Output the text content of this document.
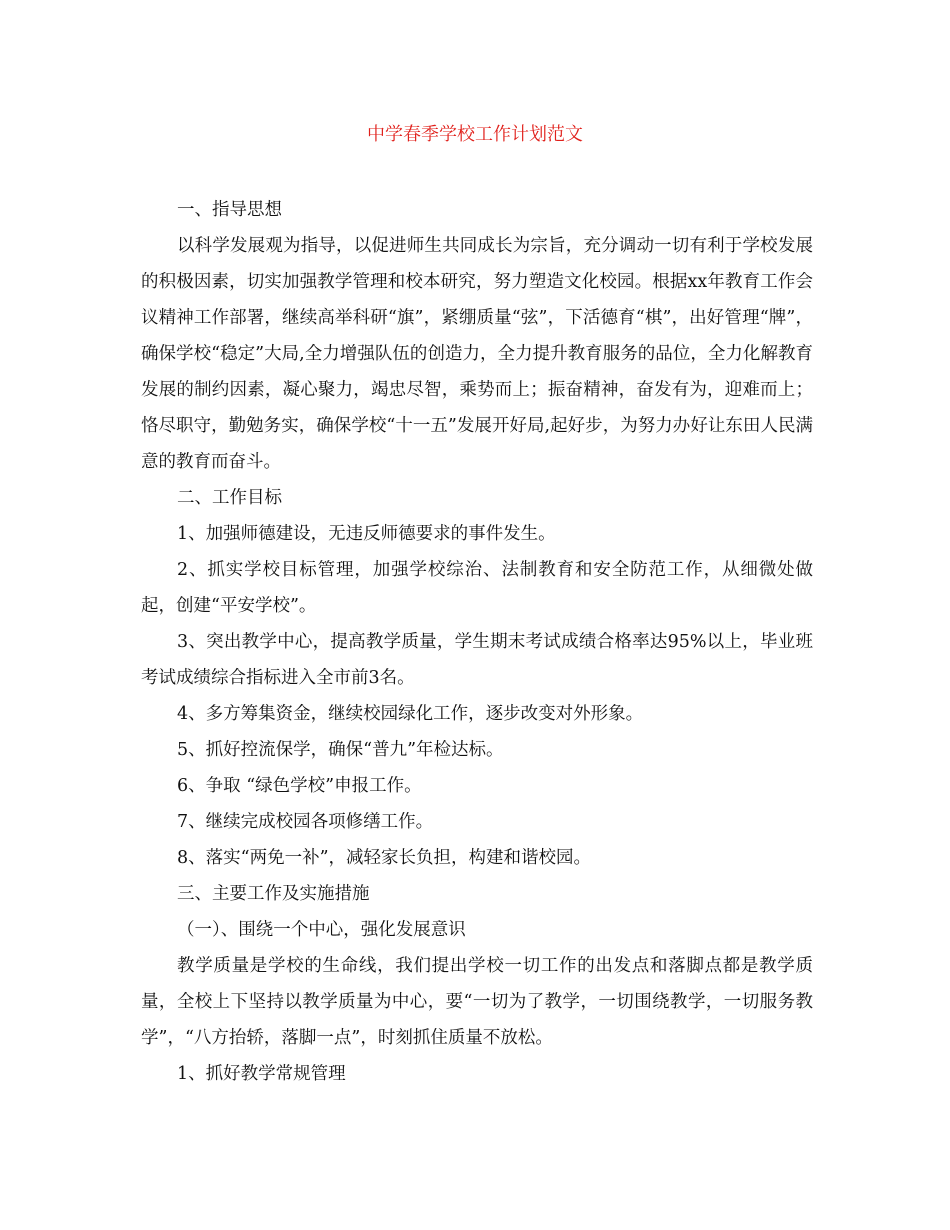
中学春季学校工作计划范文

一、指导思想

以科学发展观为指导，以促进师生共同成长为宗旨，充分调动一切有利于学校发展的积极因素，切实加强教学管理和校本研究，努力塑造文化校园。根据xx年教育工作会议精神工作部署，继续高举科研“旗”，紧绷质量“弦”，下活德育“棋”，出好管理“牌”，确保学校“稳定”大局,全力增强队伍的创造力，全力提升教育服务的品位，全力化解教育发展的制约因素，凝心聚力，竭忠尽智，乘势而上；振奋精神，奋发有为，迎难而上；恪尽职守，勤勉务实，确保学校“十一五”发展开好局,起好步，为努力办好让东田人民满意的教育而奋斗。

二、工作目标

1、加强师德建设，无违反师德要求的事件发生。

2、抓实学校目标管理，加强学校综治、法制教育和安全防范工作，从细微处做起，创建“平安学校”。

3、突出教学中心，提高教学质量，学生期末考试成绩合格率达95%以上，毕业班考试成绩综合指标进入全市前3名。

4、多方筹集资金，继续校园绿化工作，逐步改变对外形象。

5、抓好控流保学，确保“普九”年检达标。

6、争取 “绿色学校”申报工作。

7、继续完成校园各项修缮工作。

8、落实“两免一补”，减轻家长负担，构建和谐校园。

三、主要工作及实施措施

（一）、围绕一个中心，强化发展意识

教学质量是学校的生命线，我们提出学校一切工作的出发点和落脚点都是教学质量，全校上下坚持以教学质量为中心，要“一切为了教学，一切围绕教学，一切服务教学”，“八方抬轿，落脚一点”，时刻抓住质量不放松。

1、抓好教学常规管理
